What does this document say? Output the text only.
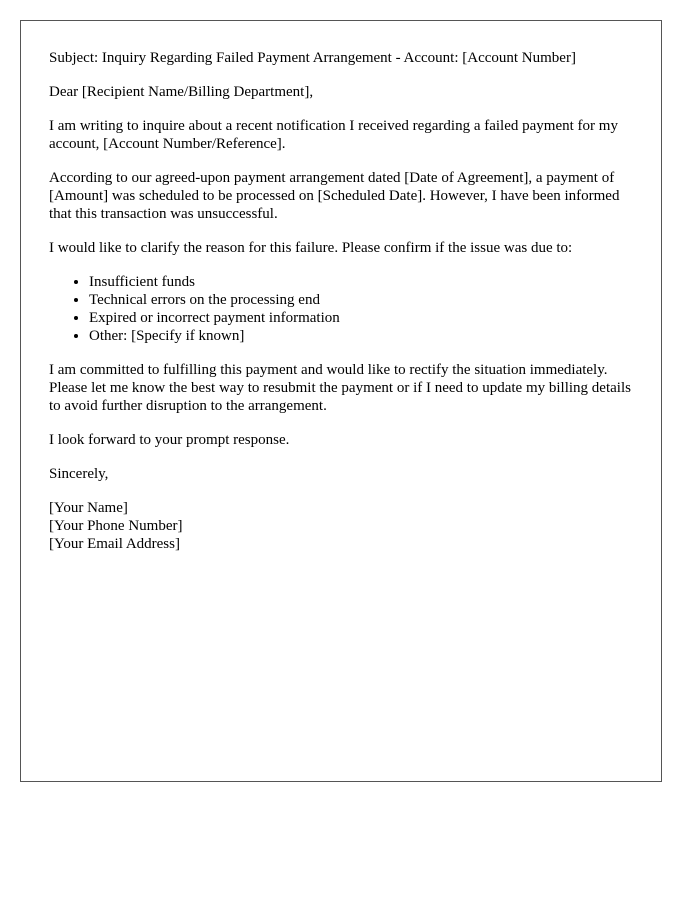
Subject: Inquiry Regarding Failed Payment Arrangement - Account: [Account Number]

Dear [Recipient Name/Billing Department],

I am writing to inquire about a recent notification I received regarding a failed payment for my account, [Account Number/Reference].

According to our agreed-upon payment arrangement dated [Date of Agreement], a payment of [Amount] was scheduled to be processed on [Scheduled Date]. However, I have been informed that this transaction was unsuccessful.

I would like to clarify the reason for this failure. Please confirm if the issue was due to:

• Insufficient funds
• Technical errors on the processing end
• Expired or incorrect payment information
• Other: [Specify if known]

I am committed to fulfilling this payment and would like to rectify the situation immediately. Please let me know the best way to resubmit the payment or if I need to update my billing details to avoid further disruption to the arrangement.

I look forward to your prompt response.

Sincerely,

[Your Name]
[Your Phone Number]
[Your Email Address]
